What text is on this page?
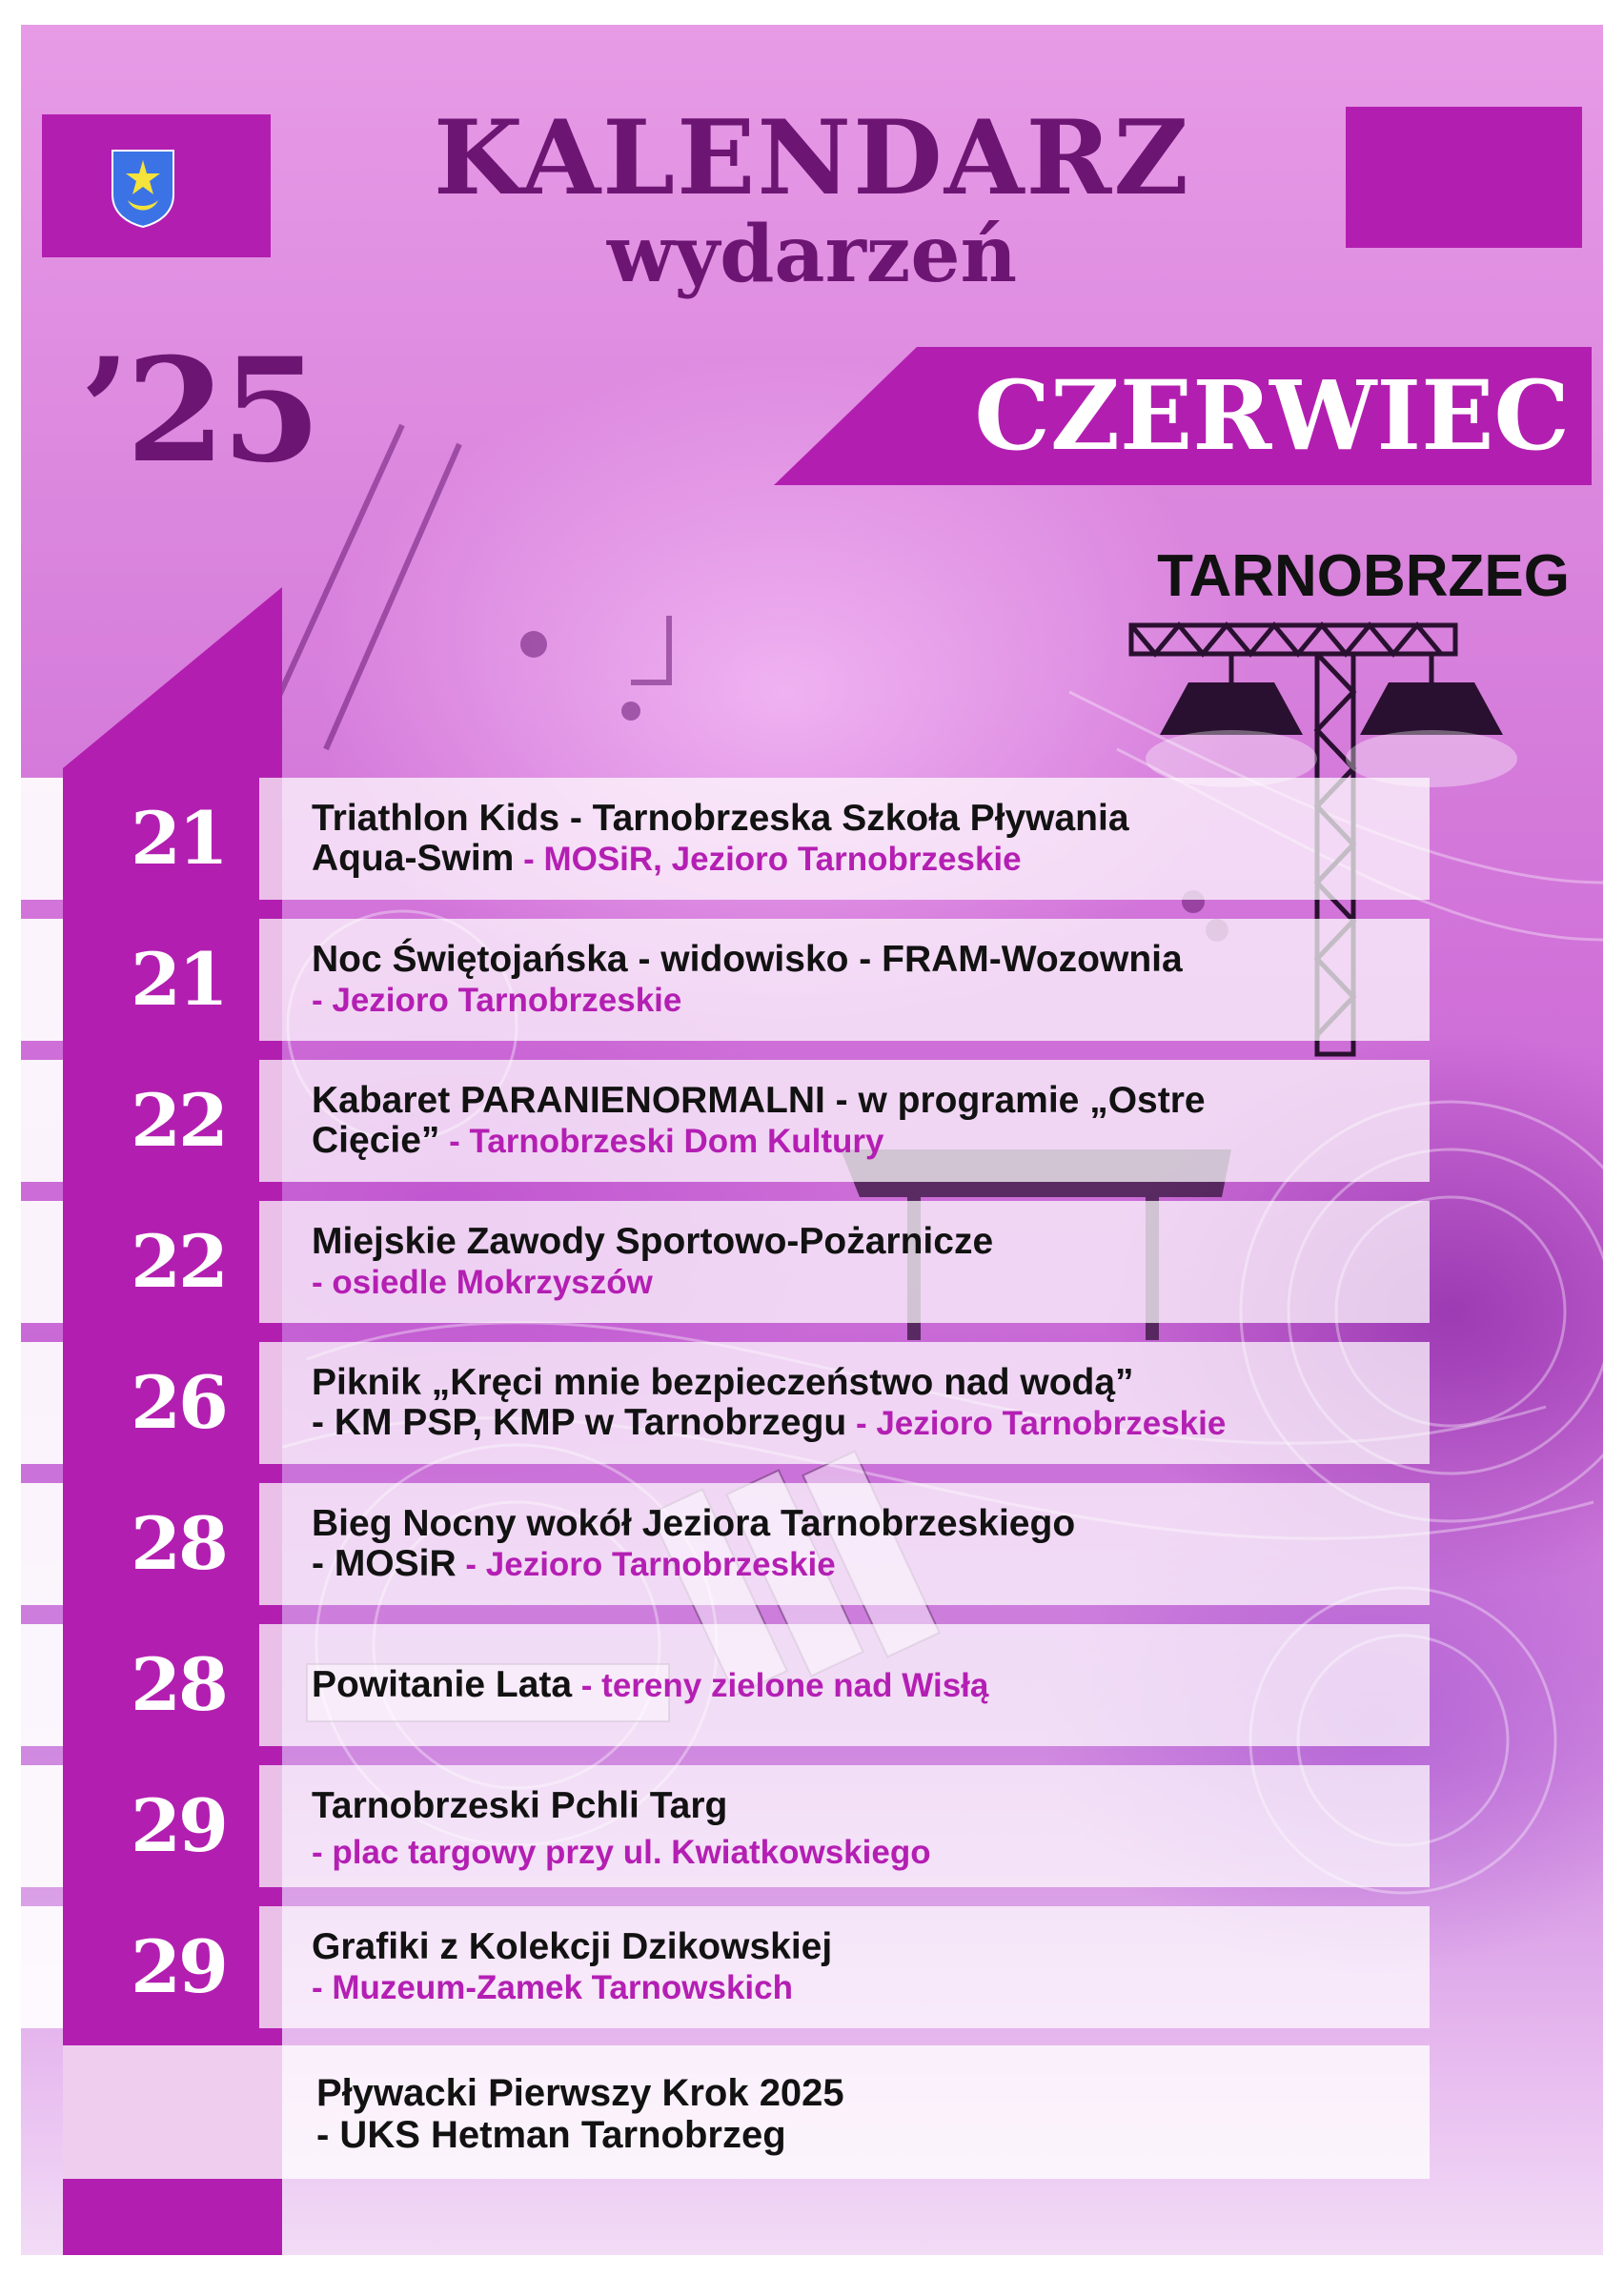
KALENDARZ
wydarzeń
’25	CZERWIEC
TARNOBRZEG
Triathlon Kids - Tarnobrzeska Szkoła Pływania
Aqua-Swim - MOSiR, Jezioro Tarnobrzeskie
Noc Świętojańska - widowisko - FRAM-Wozownia
- Jezioro Tarnobrzeskie
Kabaret PARANIENORMALNI - w programie „Ostre
Cięcie” - Tarnobrzeski Dom Kultury
Miejskie Zawody Sportowo-Pożarnicze
- osiedle Mokrzyszów
Piknik „Kręci mnie bezpieczeństwo nad wodą”
- KM PSP, KMP w Tarnobrzegu - Jezioro Tarnobrzeskie
Bieg Nocny wokół Jeziora Tarnobrzeskiego
- MOSiR - Jezioro Tarnobrzeskie
Powitanie Lata - tereny zielone nad Wisłą
Tarnobrzeski Pchli Targ
- plac targowy przy ul. Kwiatkowskiego
Grafiki z Kolekcji Dzikowskiej
- Muzeum-Zamek Tarnowskich
21
21
22
22
26
28
28
29
29
Pływacki Pierwszy Krok 2025
- UKS Hetman Tarnobrzeg
